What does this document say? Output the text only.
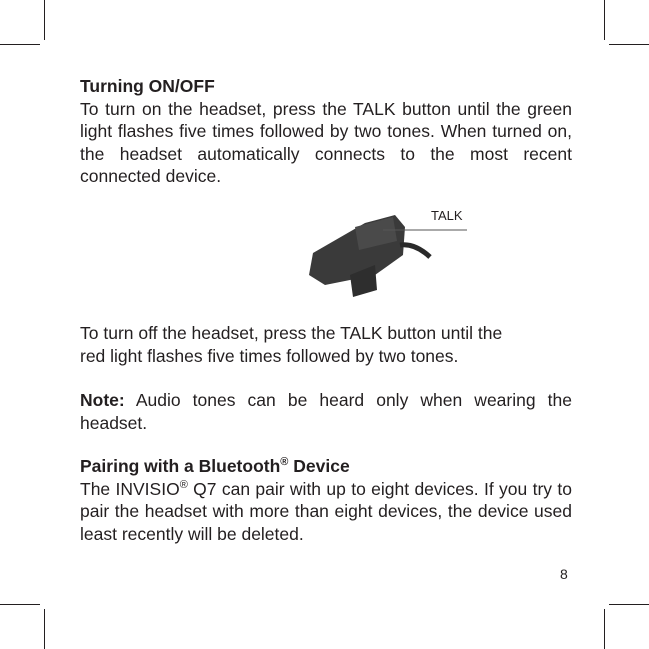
Turning ON/OFF

To turn on the headset, press the TALK button until the green light flashes five times followed by two tones. When turned on, the headset automatically connects to the most recent connected device.

TALK

To turn off the headset, press the TALK button until the

red light flashes five times followed by two tones.

Note: Audio tones can be heard only when wearing the headset.

Pairing with a Bluetooth® Device

The INVISIO® Q7 can pair with up to eight devices. If you try to pair the headset with more than eight devices, the device used least recently will be deleted.

8
